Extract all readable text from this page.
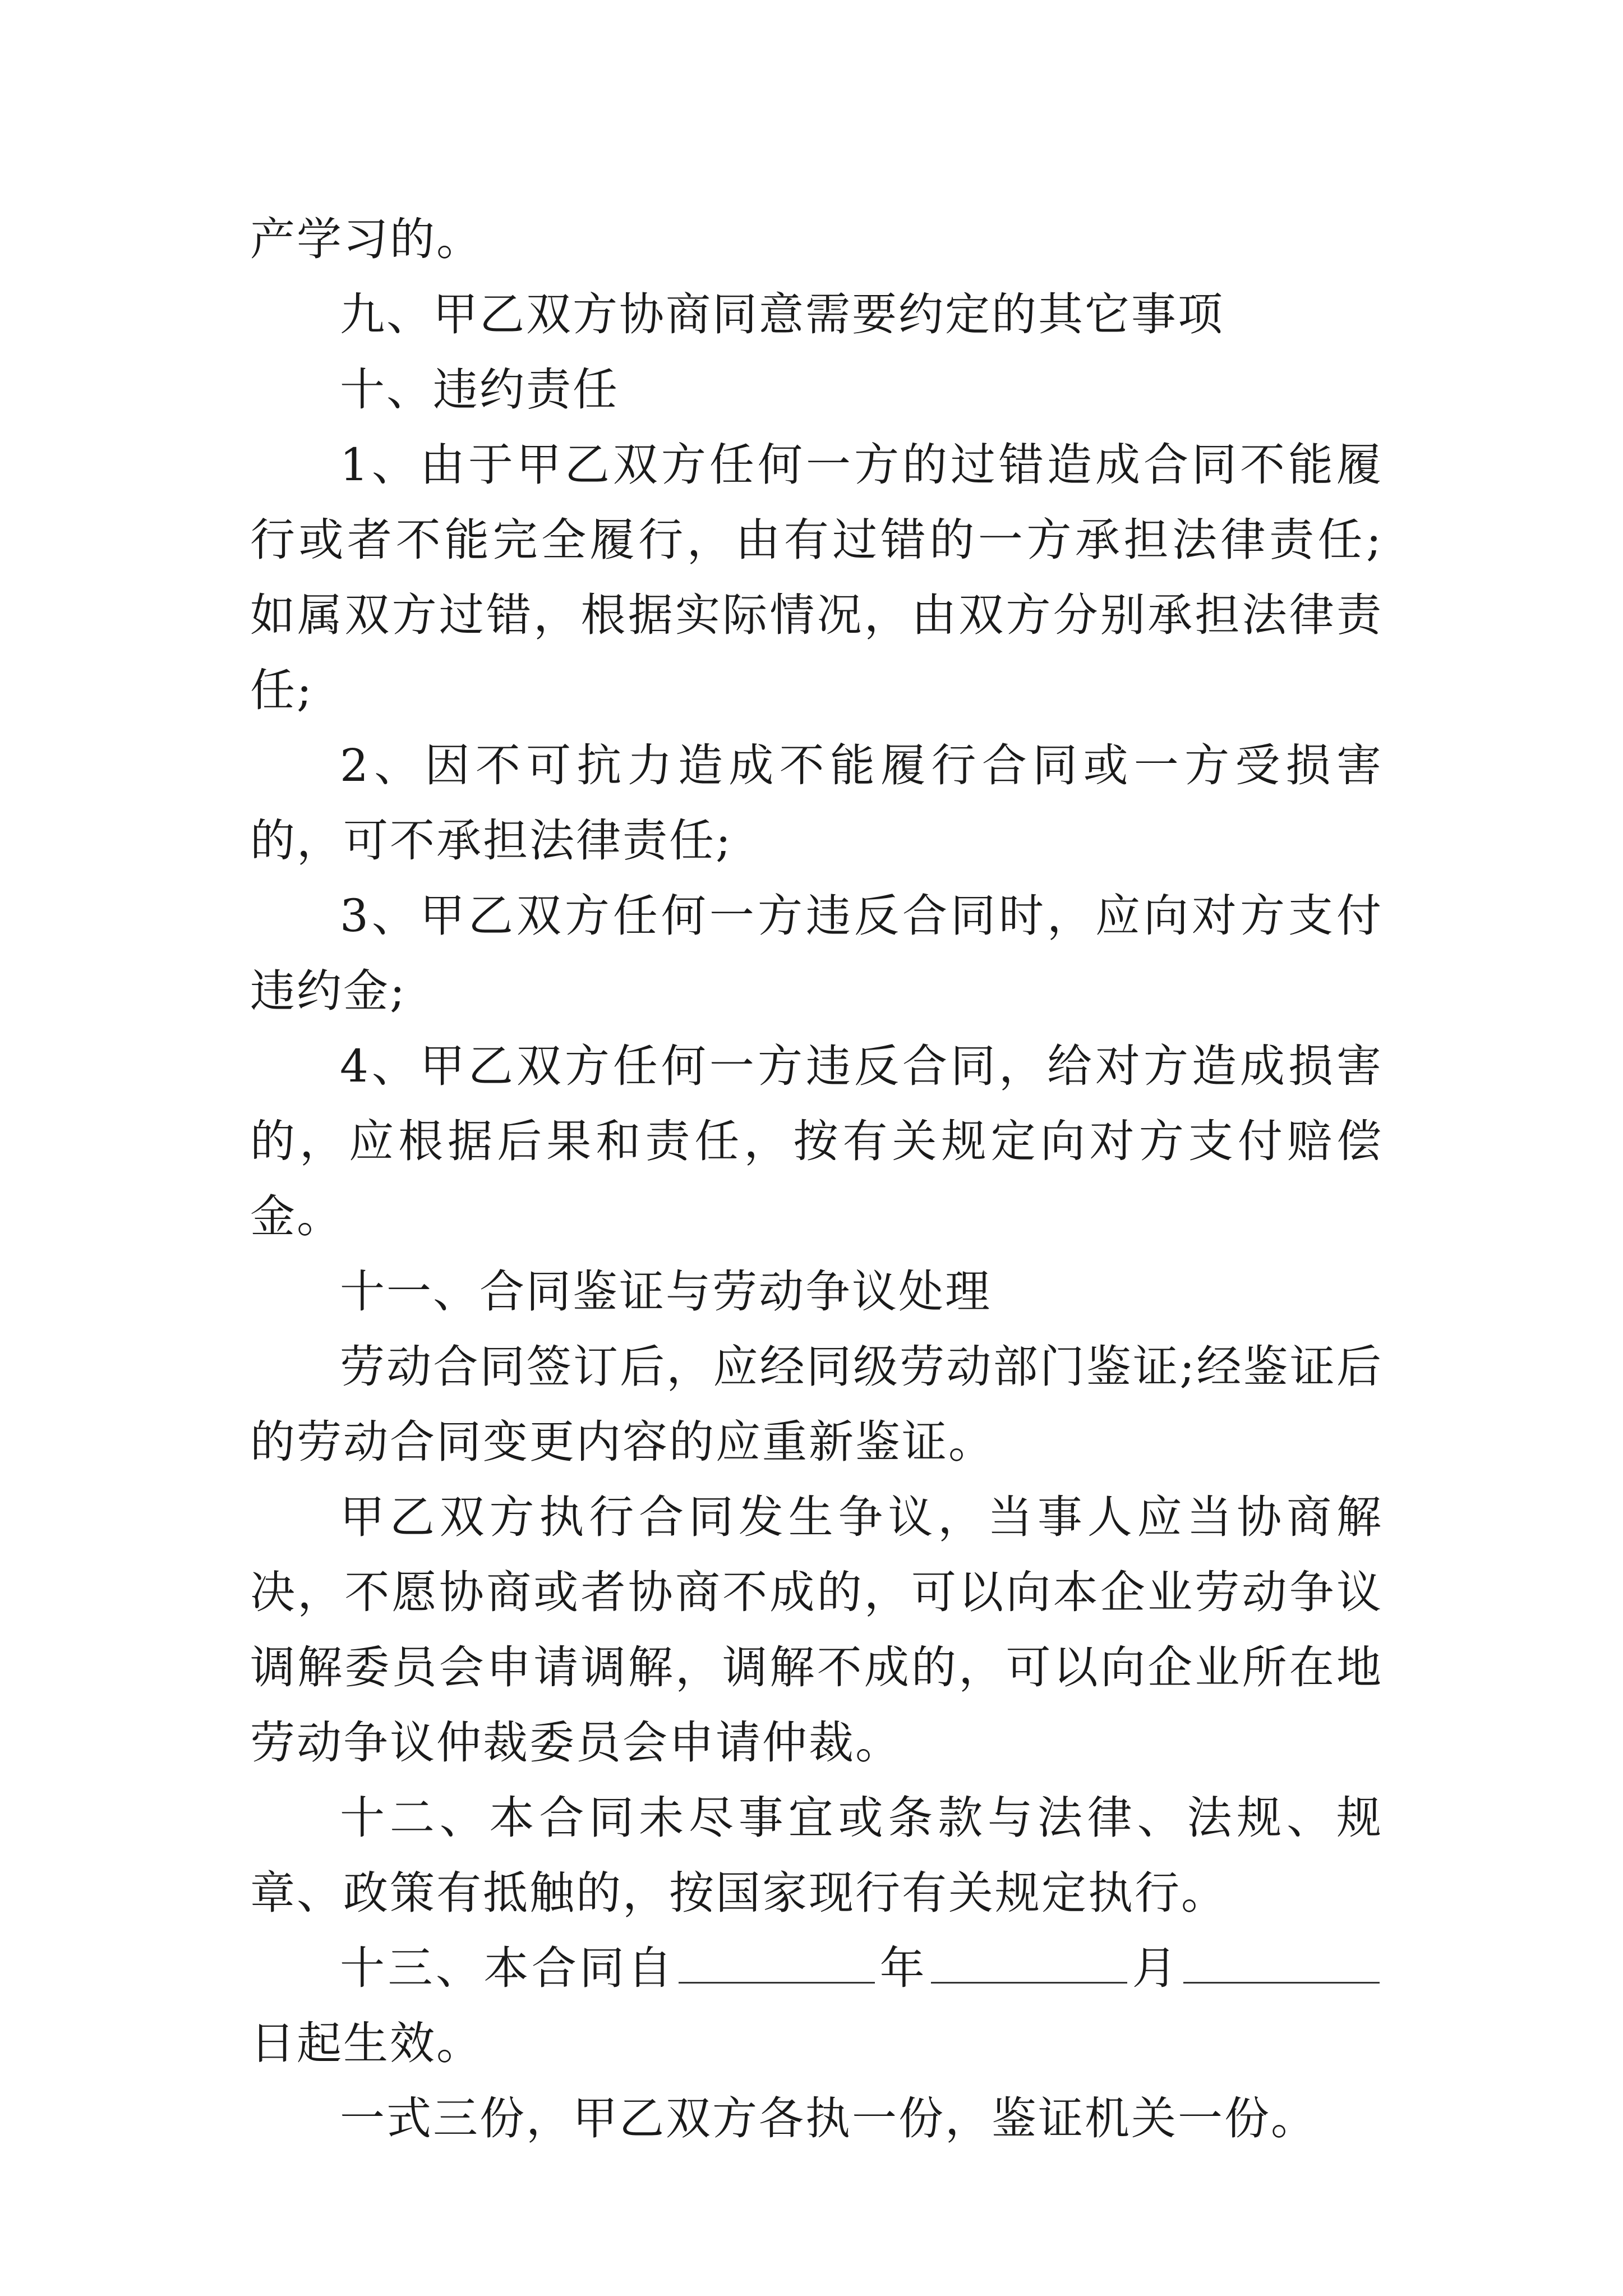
产学习的。

九、甲乙双方协商同意需要约定的其它事项

十、违约责任

1、由于甲乙双方任何一方的过错造成合同不能履行或者不能完全履行，由有过错的一方承担法律责任;如属双方过错，根据实际情况，由双方分别承担法律责任;

2、因不可抗力造成不能履行合同或一方受损害的，可不承担法律责任;

3、甲乙双方任何一方违反合同时，应向对方支付违约金;

4、甲乙双方任何一方违反合同，给对方造成损害的，应根据后果和责任，按有关规定向对方支付赔偿金。

十一、合同鉴证与劳动争议处理

劳动合同签订后，应经同级劳动部门鉴证;经鉴证后的劳动合同变更内容的应重新鉴证。

甲乙双方执行合同发生争议，当事人应当协商解决，不愿协商或者协商不成的，可以向本企业劳动争议调解委员会申请调解，调解不成的，可以向企业所在地劳动争议仲裁委员会申请仲裁。

十二、本合同未尽事宜或条款与法律、法规、规章、政策有抵触的，按国家现行有关规定执行。

十三、本合同自	年	月日起生效。

一式三份，甲乙双方各执一份，鉴证机关一份。
